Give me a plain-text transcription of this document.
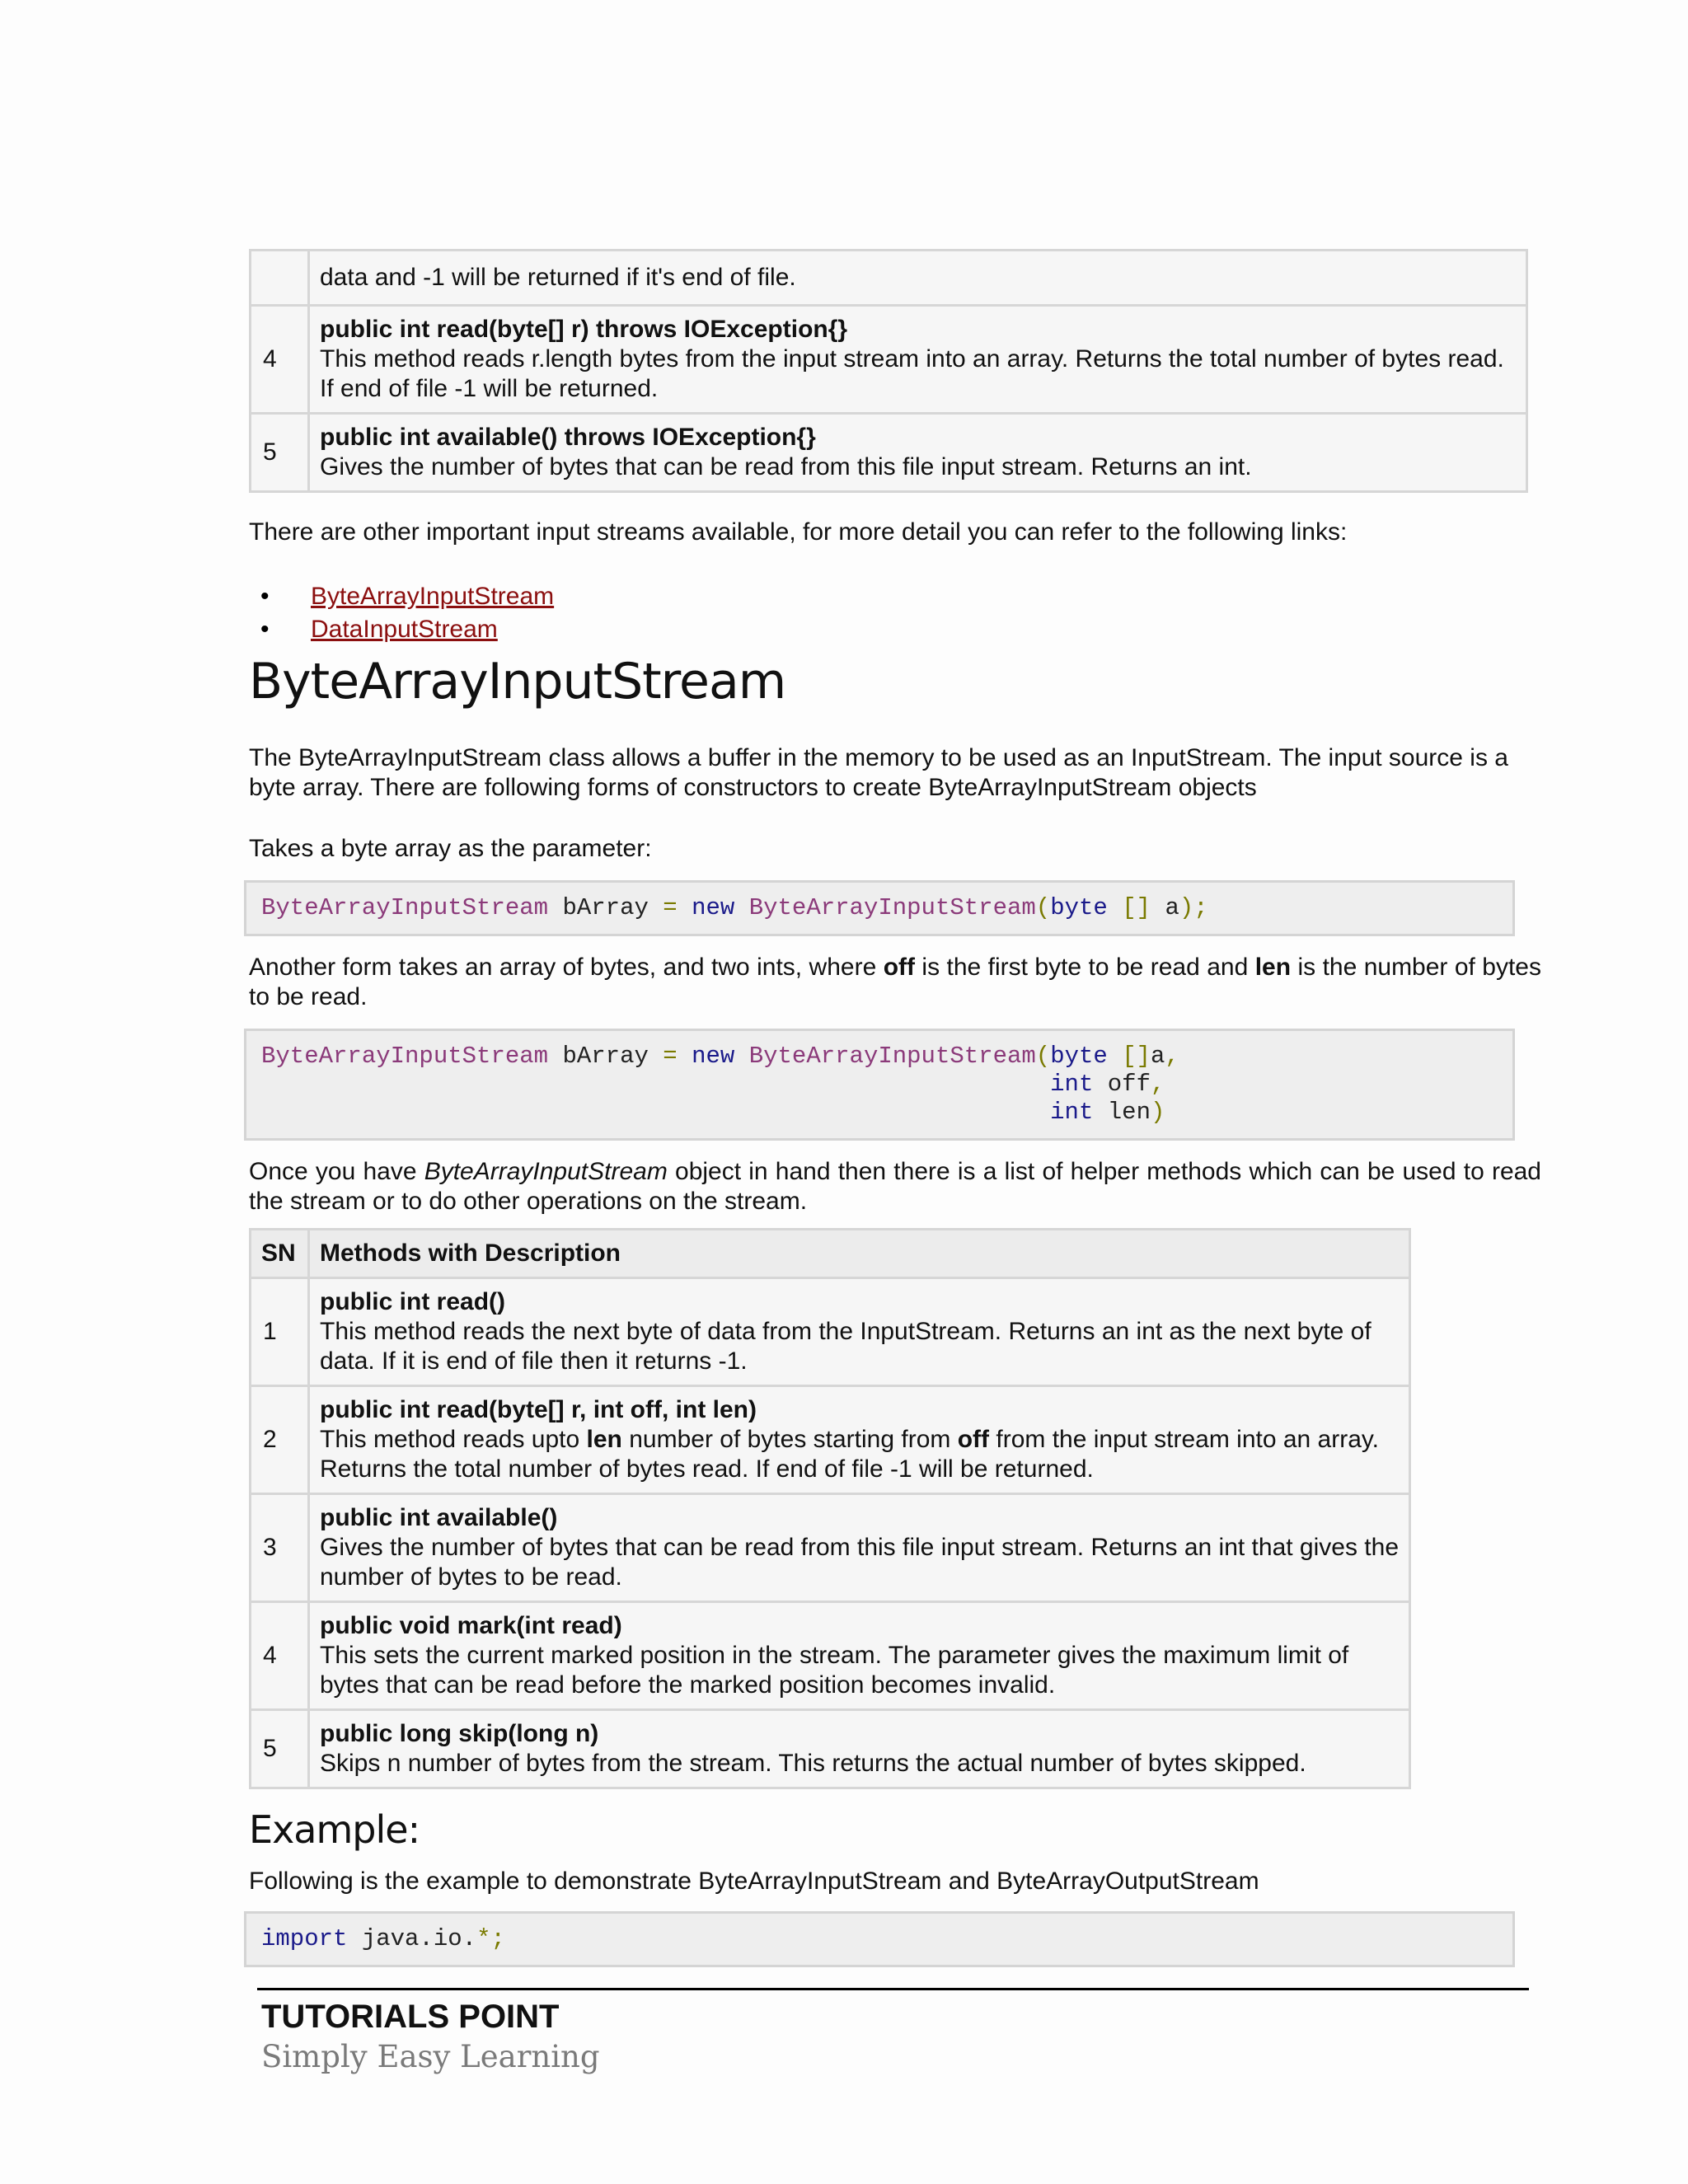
	data and -1 will be returned if it's end of file.
4	public int read(byte[] r) throws IOException{}
This method reads r.length bytes from the input stream into an array. Returns the total number of bytes read. If end of file -1 will be returned.
5	public int available() throws IOException{}
Gives the number of bytes that can be read from this file input stream. Returns an int.

There are other important input streams available, for more detail you can refer to the following links:

• ByteArrayInputStream
• DataInputStream
ByteArrayInputStream

The ByteArrayInputStream class allows a buffer in the memory to be used as an InputStream. The input source is a byte array. There are following forms of constructors to create ByteArrayInputStream objects

Takes a byte array as the parameter:

ByteArrayInputStream bArray = new ByteArrayInputStream(byte [] a);

Another form takes an array of bytes, and two ints, where off is the first byte to be read and len is the number of bytes to be read.

ByteArrayInputStream bArray = new ByteArrayInputStream(byte []a,
int off,
int len)

Once you have ByteArrayInputStream object in hand then there is a list of helper methods which can be used to read the stream or to do other operations on the stream.

SN	Methods with Description
1	public int read()
This method reads the next byte of data from the InputStream. Returns an int as the next byte of data. If it is end of file then it returns -1.
2	public int read(byte[] r, int off, int len)
This method reads upto len number of bytes starting from off from the input stream into an array. Returns the total number of bytes read. If end of file -1 will be returned.
3	public int available()
Gives the number of bytes that can be read from this file input stream. Returns an int that gives the number of bytes to be read.
4	public void mark(int read)
This sets the current marked position in the stream. The parameter gives the maximum limit of bytes that can be read before the marked position becomes invalid.
5	public long skip(long n)
Skips n number of bytes from the stream. This returns the actual number of bytes skipped.
Example:

Following is the example to demonstrate ByteArrayInputStream and ByteArrayOutputStream

import java.io.*;
TUTORIALS POINT
Simply Easy Learning
